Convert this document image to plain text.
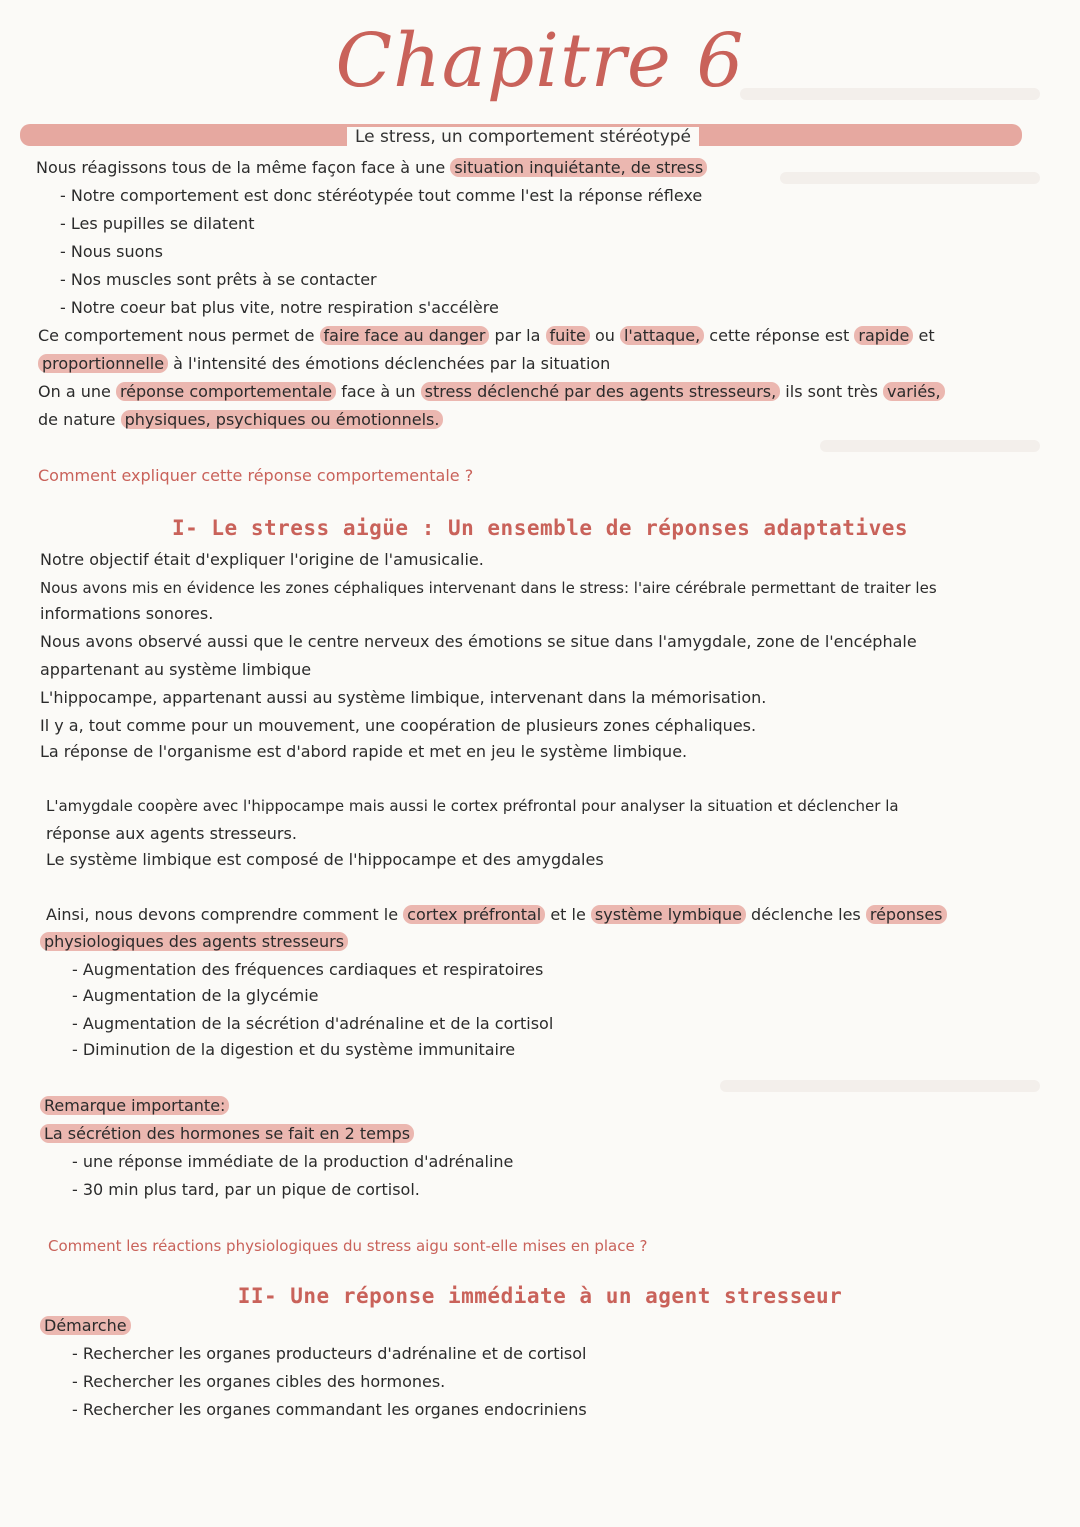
Chapitre 6
Le stress, un comportement stéréotypé
Nous réagissons tous de la même façon face à une situation inquiétante, de stress
- Notre comportement est donc stéréotypée tout comme l'est la réponse réflexe
- Les pupilles se dilatent
- Nous suons
- Nos muscles sont prêts à se contacter
- Notre coeur bat plus vite, notre respiration s'accélère
Ce comportement nous permet de faire face au danger par la fuite ou l'attaque, cette réponse est rapide et
proportionnelle à l'intensité des émotions déclenchées par la situation
On a une réponse comportementale face à un stress déclenché par des agents stresseurs, ils sont très variés,
de nature physiques, psychiques ou émotionnels.
Comment expliquer cette réponse comportementale ?
I- Le stress aigüe : Un ensemble de réponses adaptatives
Notre objectif était d'expliquer l'origine de l'amusicalie.
Nous avons mis en évidence les zones céphaliques intervenant dans le stress: l'aire cérébrale permettant de traiter les
informations sonores.
Nous avons observé aussi que le centre nerveux des émotions se situe dans l'amygdale, zone de l'encéphale
appartenant au système limbique
L'hippocampe, appartenant aussi au système limbique, intervenant dans la mémorisation.
Il y a, tout comme pour un mouvement, une coopération de plusieurs zones céphaliques.
La réponse de l'organisme est d'abord rapide et met en jeu le système limbique.
L'amygdale coopère avec l'hippocampe mais aussi le cortex préfrontal pour analyser la situation et déclencher la
réponse aux agents stresseurs.
Le système limbique est composé de l'hippocampe et des amygdales
Ainsi, nous devons comprendre comment le cortex préfrontal et le système lymbique déclenche les réponses
physiologiques des agents stresseurs
- Augmentation des fréquences cardiaques et respiratoires
- Augmentation de la glycémie
- Augmentation de la sécrétion d'adrénaline et de la cortisol
- Diminution de la digestion et du système immunitaire
Remarque importante:
La sécrétion des hormones se fait en 2 temps
- une réponse immédiate de la production d'adrénaline
- 30 min plus tard, par un pique de cortisol.
Comment les réactions physiologiques du stress aigu sont-elle mises en place ?
II- Une réponse immédiate à un agent stresseur
Démarche
- Rechercher les organes producteurs d'adrénaline et de cortisol
- Rechercher les organes cibles des hormones.
- Rechercher les organes commandant les organes endocriniens
